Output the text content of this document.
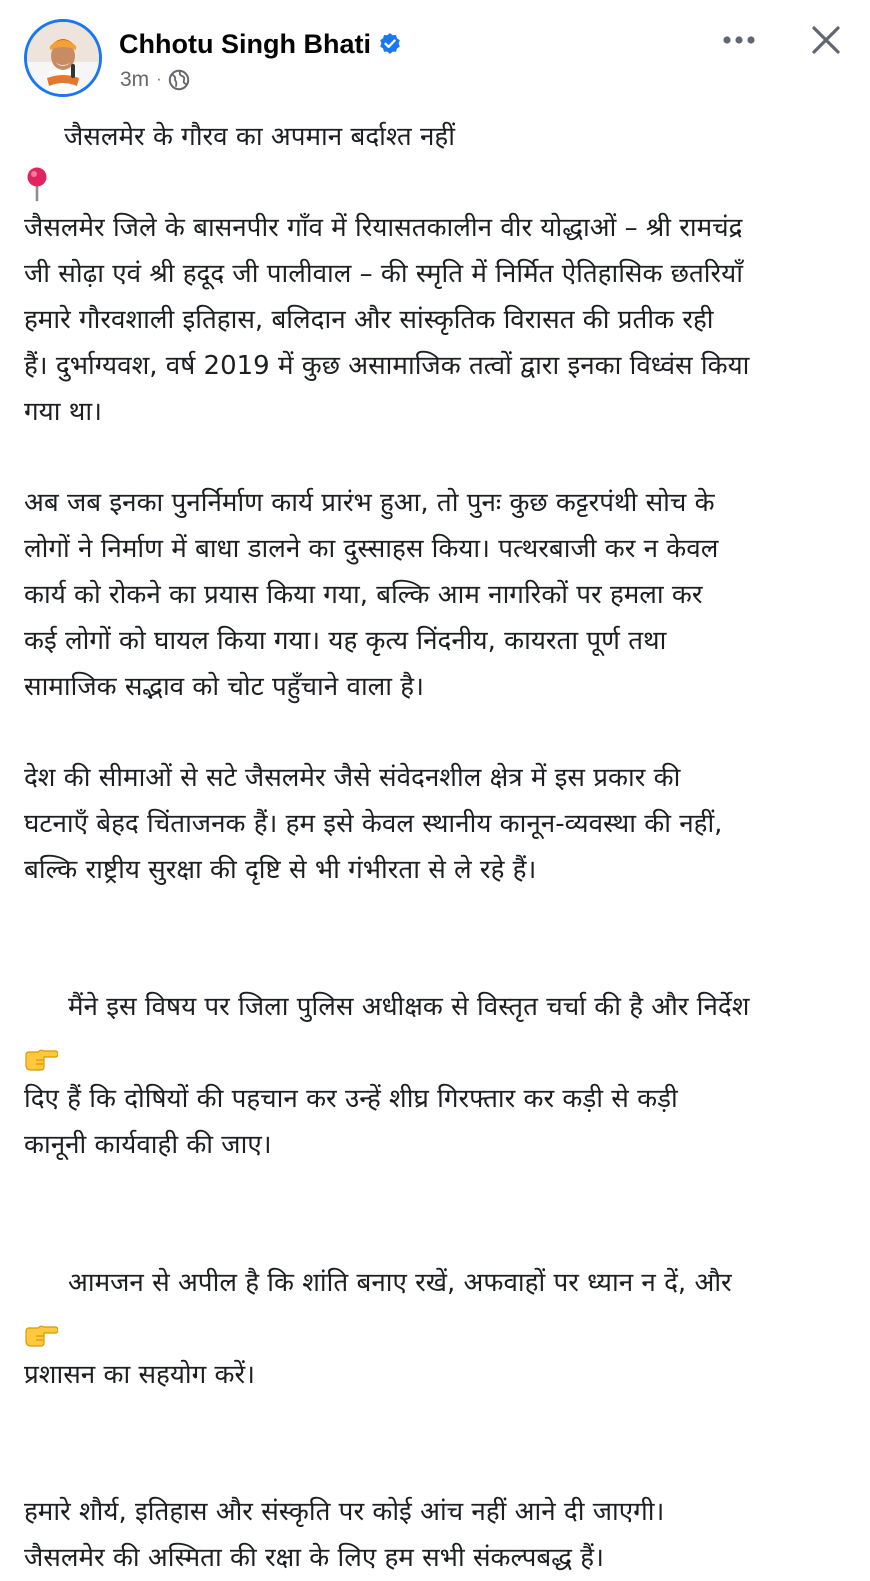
Chhotu Singh Bhati
3m ·

जैसलमेर के गौरव का अपमान बर्दाश्त नहीं

जैसलमेर जिले के बासनपीर गाँव में रियासतकालीन वीर योद्धाओं – श्री रामचंद्र
जी सोढ़ा एवं श्री हदूद जी पालीवाल – की स्मृति में निर्मित ऐतिहासिक छतरियाँ
हमारे गौरवशाली इतिहास, बलिदान और सांस्कृतिक विरासत की प्रतीक रही
हैं। दुर्भाग्यवश, वर्ष 2019 में कुछ असामाजिक तत्वों द्वारा इनका विध्वंस किया
गया था।

अब जब इनका पुनर्निर्माण कार्य प्रारंभ हुआ, तो पुनः कुछ कट्टरपंथी सोच के
लोगों ने निर्माण में बाधा डालने का दुस्साहस किया। पत्थरबाजी कर न केवल
कार्य को रोकने का प्रयास किया गया, बल्कि आम नागरिकों पर हमला कर
कई लोगों को घायल किया गया। यह कृत्य निंदनीय, कायरता पूर्ण तथा
सामाजिक सद्भाव को चोट पहुँचाने वाला है।

देश की सीमाओं से सटे जैसलमेर जैसे संवेदनशील क्षेत्र में इस प्रकार की
घटनाएँ बेहद चिंताजनक हैं। हम इसे केवल स्थानीय कानून-व्यवस्था की नहीं,
बल्कि राष्ट्रीय सुरक्षा की दृष्टि से भी गंभीरता से ले रहे हैं।

मैंने इस विषय पर जिला पुलिस अधीक्षक से विस्तृत चर्चा की है और निर्देश

दिए हैं कि दोषियों की पहचान कर उन्हें शीघ्र गिरफ्तार कर कड़ी से कड़ी
कानूनी कार्यवाही की जाए।

आमजन से अपील है कि शांति बनाए रखें, अफवाहों पर ध्यान न दें, और

प्रशासन का सहयोग करें।

हमारे शौर्य, इतिहास और संस्कृति पर कोई आंच नहीं आने दी जाएगी।
जैसलमेर की अस्मिता की रक्षा के लिए हम सभी संकल्पबद्ध हैं।
